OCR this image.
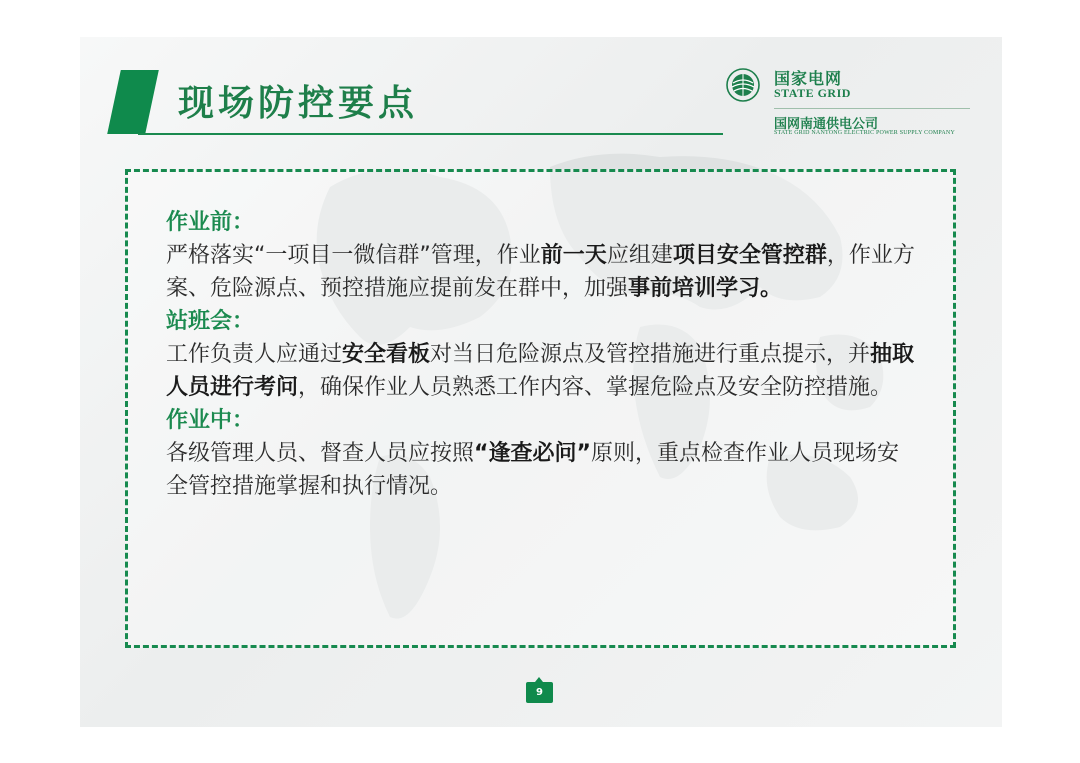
现场防控要点
国家电网
STATE GRID
国网南通供电公司
STATE GRID NANTONG ELECTRIC POWER SUPPLY COMPANY
作业前：
严格落实“一项目一微信群”管理，作业前一天应组建项目安全管控群，作业方案、危险源点、预控措施应提前发在群中，加强事前培训学习。
站班会：
工作负责人应通过安全看板对当日危险源点及管控措施进行重点提示，并抽取人员进行考问，确保作业人员熟悉工作内容、掌握危险点及安全防控措施。
作业中：
各级管理人员、督查人员应按照“逢查必问”原则，重点检查作业人员现场安全管控措施掌握和执行情况。
9
